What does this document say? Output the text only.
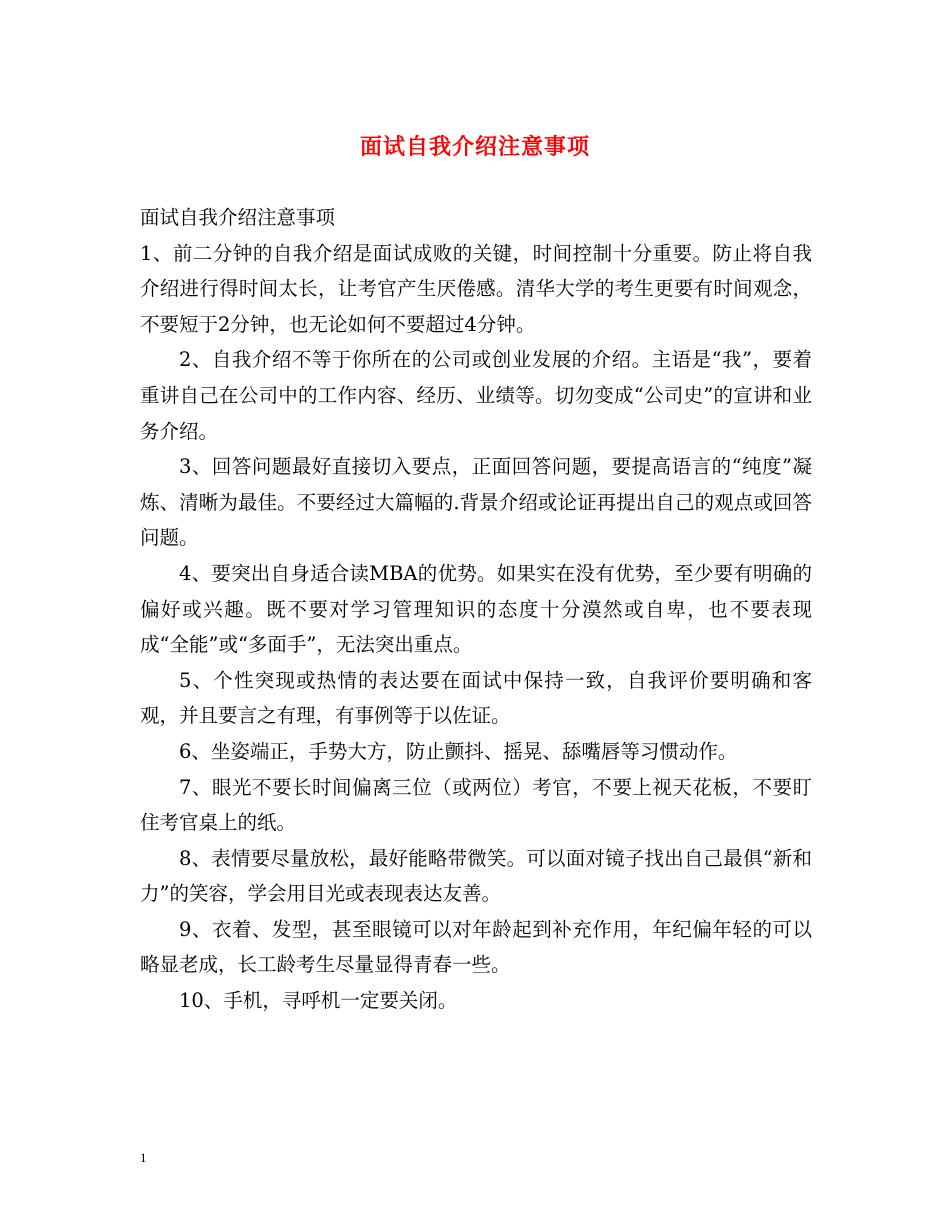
面试自我介绍注意事项

面试自我介绍注意事项

1、前二分钟的自我介绍是面试成败的关键，时间控制十分重要。防止将自我介绍进行得时间太长，让考官产生厌倦感。清华大学的考生更要有时间观念，不要短于2分钟，也无论如何不要超过4分钟。

2、自我介绍不等于你所在的公司或创业发展的介绍。主语是“我”，要着重讲自己在公司中的工作内容、经历、业绩等。切勿变成“公司史”的宣讲和业务介绍。

3、回答问题最好直接切入要点，正面回答问题，要提高语言的“纯度”凝炼、清晰为最佳。不要经过大篇幅的.背景介绍或论证再提出自己的观点或回答问题。

4、要突出自身适合读MBA的优势。如果实在没有优势，至少要有明确的偏好或兴趣。既不要对学习管理知识的态度十分漠然或自卑，也不要表现成“全能”或“多面手”，无法突出重点。

5、个性突现或热情的表达要在面试中保持一致，自我评价要明确和客观，并且要言之有理，有事例等于以佐证。

6、坐姿端正，手势大方，防止颤抖、摇晃、舔嘴唇等习惯动作。

7、眼光不要长时间偏离三位（或两位）考官，不要上视天花板，不要盯住考官桌上的纸。

8、表情要尽量放松，最好能略带微笑。可以面对镜子找出自己最俱“新和力”的笑容，学会用目光或表现表达友善。

9、衣着、发型，甚至眼镜可以对年龄起到补充作用，年纪偏年轻的可以略显老成，长工龄考生尽量显得青春一些。

10、手机，寻呼机一定要关闭。

1
